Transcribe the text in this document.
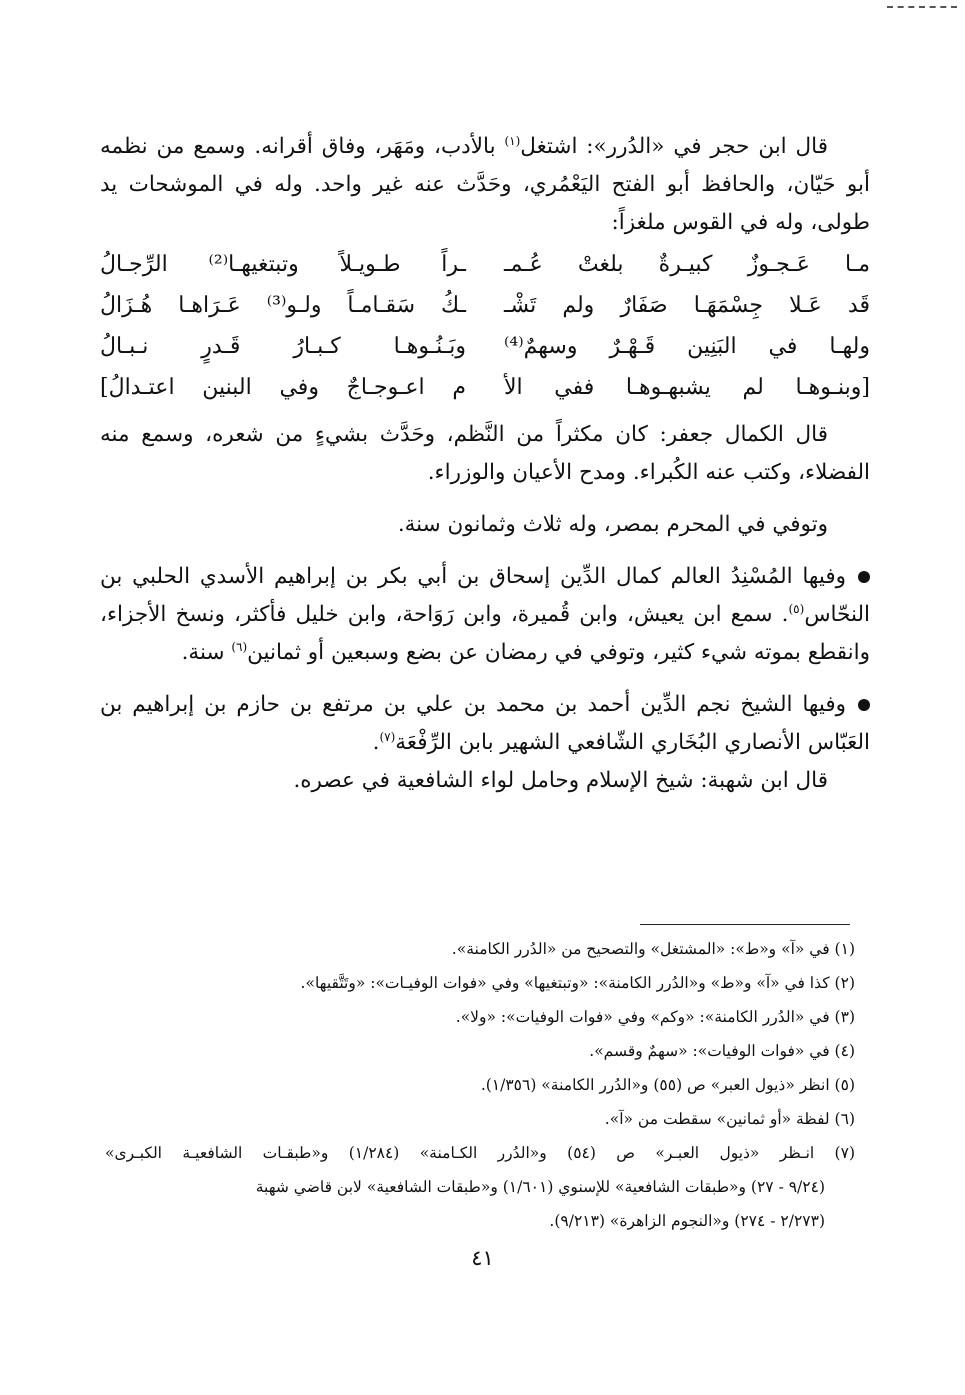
قال ابن حجر في «الدُرر»: اشتغل$^{(١)}$ بالأدب، ومَهَر، وفاق أقرانه. وسمع من نظمه أبو حَيّان، والحافظ أبو الفتح اليَعْمُري، وحَدَّث عنه غير واحد. وله في الموشحات يد طولى، وله في القوس ملغزاً:

مـا عَـجـوزٌ كبيـرةٌ بلغتْ عُـمـ
ـراً طـويـلاً وتبتغيهـا⁽²⁾ الرِّجـالُ
قَد عَـلا جِسْمَهَـا صَفَارٌ ولم تَشْـ
ـكُ سَقـامـاً ولـو⁽³⁾ عَـرَاهـا هُـزَالُ
ولهـا في البَنِين قَـهْـرٌ وسهمٌ⁽⁴⁾
وبَـنُـوهـا كـبـارُ قَـدرٍ نـبـالُ
[وبنـوهـا لم يشبهـوهـا ففي الأ
م اعـوجـاجٌ وفي البنين اعتـدالُ]

قال الكمال جعفر: كان مكثراً من النَّظم، وحَدَّث بشيءٍ من شعره، وسمع منه الفضلاء، وكتب عنه الكُبراء. ومدح الأعيان والوزراء.

وتوفي في المحرم بمصر، وله ثلاث وثمانون سنة.

وفيها المُسْنِدُ العالم كمال الدِّين إسحاق بن أبي بكر بن إبراهيم الأسدي الحلبي بن النحّاس$^{(٥)}$. سمع ابن يعيش، وابن قُميرة، وابن رَوَاحة، وابن خليل فأكثر، ونسخ الأجزاء، وانقطع بموته شيء كثير، وتوفي في رمضان عن بضع وسبعين أو ثمانين$^{(٦)}$ سنة.

وفيها الشيخ نجم الدِّين أحمد بن محمد بن علي بن مرتفع بن حازم بن إبراهيم بن العَبّاس الأنصاري البُخَاري الشّافعي الشهير بابن الرِّفْعَة$^{(٧)}$.

قال ابن شهبة: شيخ الإسلام وحامل لواء الشافعية في عصره.

(١) في «آ» و«ط»: «المشتغل» والتصحيح من «الدُرر الكامنة».

(٢) كذا في «آ» و«ط» و«الدُرر الكامنة»: «وتبتغيها» وفي «فوات الوفيـات»: «وتَتَّقيها».

(٣) في «الدُرر الكامنة»: «وكم» وفي «فوات الوفيات»: «ولا».

(٤) في «فوات الوفيات»: «سهمٌ وقسم».

(٥) انظر «ذيول العبر» ص (٥٥) و«الدُرر الكامنة» (١/٣٥٦).

(٦) لفظة «أو ثمانين» سقطت من «آ».

(٧) انـظر «ذيول العبـر» ص (٥٤) و«الدُرر الكـامنة» (١/٢٨٤) و«طبقـات الشافعيـة الكبـرى»

(٩/٢٤ - ٢٧) و«طبقات الشافعية» للإسنوي (١/٦٠١) و«طبقات الشافعية» لابن قاضي شهبة

(٢/٢٧٣ - ٢٧٤) و«النجوم الزاهرة» (٩/٢١٣).

٤١
